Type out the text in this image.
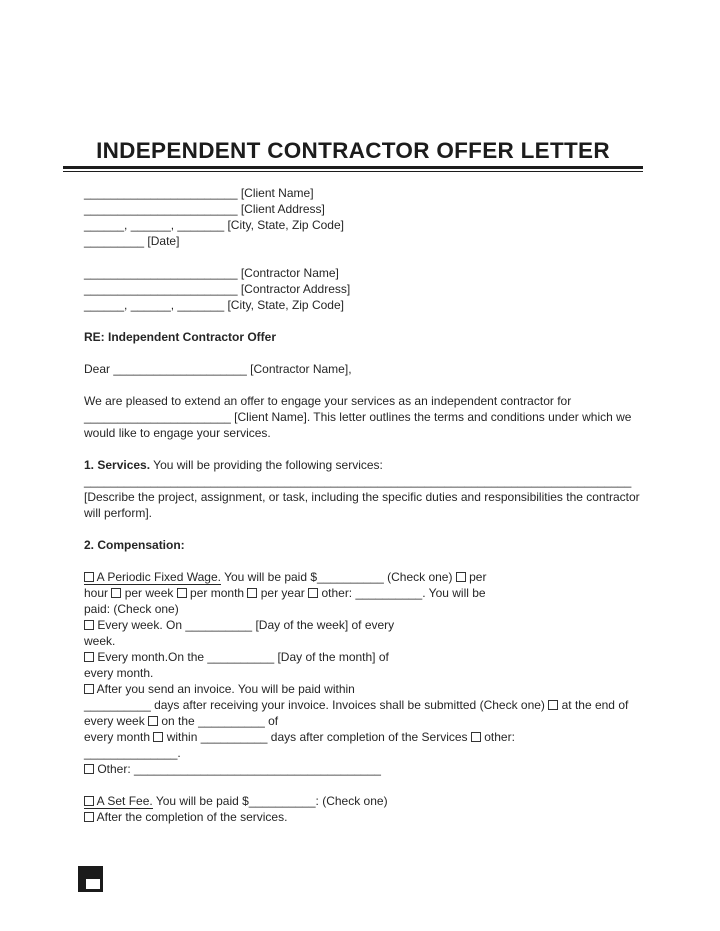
INDEPENDENT CONTRACTOR OFFER LETTER
_______________________ [Client Name]
_______________________ [Client Address]
______, ______, _______ [City, State, Zip Code]
_________ [Date]
_______________________ [Contractor Name]
_______________________ [Contractor Address]
______, ______, _______ [City, State, Zip Code]
RE: Independent Contractor Offer
Dear ____________________ [Contractor Name],
We are pleased to extend an offer to engage your services as an independent contractor for
______________________ [Client Name]. This letter outlines the terms and conditions under which we
would like to engage your services.
1. Services. You will be providing the following services:
__________________________________________________________________________________
[Describe the project, assignment, or task, including the specific duties and responsibilities the contractor
will perform].
2. Compensation:
A Periodic Fixed Wage. You will be paid $__________ (Check one)  per
hour  per week  per month  per year  other: __________. You will be
paid: (Check one)
Every week. On __________ [Day of the week] of every
week.
Every month.On the __________ [Day of the month] of
every month.
After you send an invoice. You will be paid within
__________ days after receiving your invoice. Invoices shall be submitted (Check one)  at the end of
every week  on the __________ of
every month  within __________ days after completion of the Services  other:
______________.
Other: _____________________________________
A Set Fee. You will be paid $__________: (Check one)
After the completion of the services.
